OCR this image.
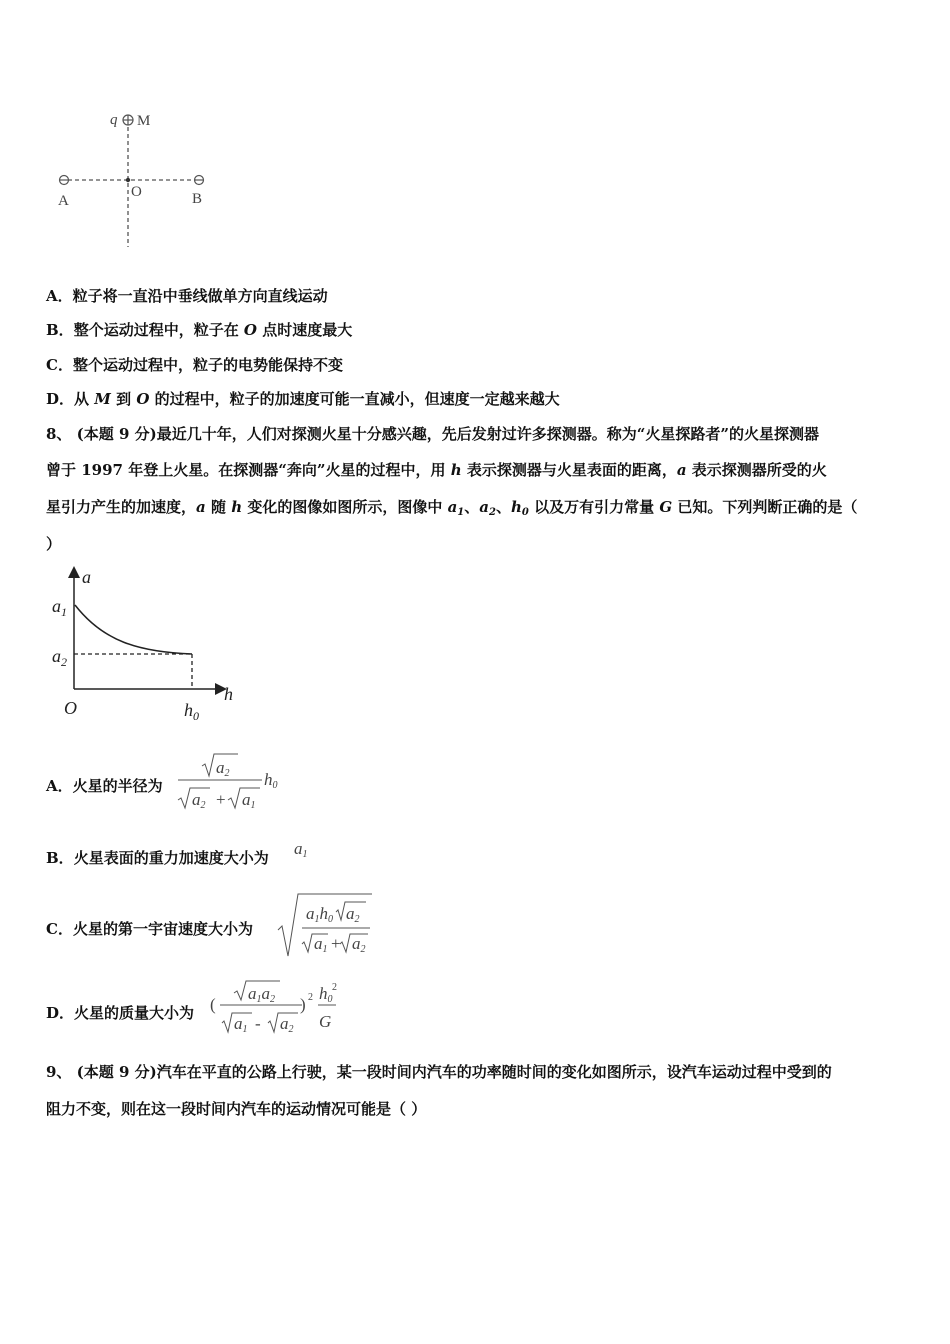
q M
O
A	B
A．粒子将一直沿中垂线做单方向直线运动
B．整个运动过程中，粒子在 O 点时速度最大
C．整个运动过程中，粒子的电势能保持不变
D．从 M 到 O 的过程中，粒子的加速度可能一直减小，但速度一定越来越大
8、 (本题 9 分)最近几十年，人们对探测火星十分感兴趣，先后发射过许多探测器。称为“火星探路者”的火星探测器
曾于 1997 年登上火星。在探测器“奔向”火星的过程中，用 h 表示探测器与火星表面的距离，a 表示探测器所受的火
星引力产生的加速度，a 随 h 变化的图像如图所示，图像中 $a_1$、$a_2$、$h_0$ 以及万有引力常量 G 已知。下列判断正确的是（
）
a
h
O
$a_1$
$a_2$
$h_0$
A．火星的半径为
a2
a2 + a1
h0
B．火星表面的重力加速度大小为 a1
C．火星的第一宇宙速度大小为
a1h0 a2
a1 + a2
D．火星的质量大小为 (
a1a2
a1 - a2
) 2 h0
2
G
9、 (本题 9 分)汽车在平直的公路上行驶，某一段时间内汽车的功率随时间的变化如图所示，设汽车运动过程中受到的
阻力不变，则在这一段时间内汽车的运动情况可能是（ ）
